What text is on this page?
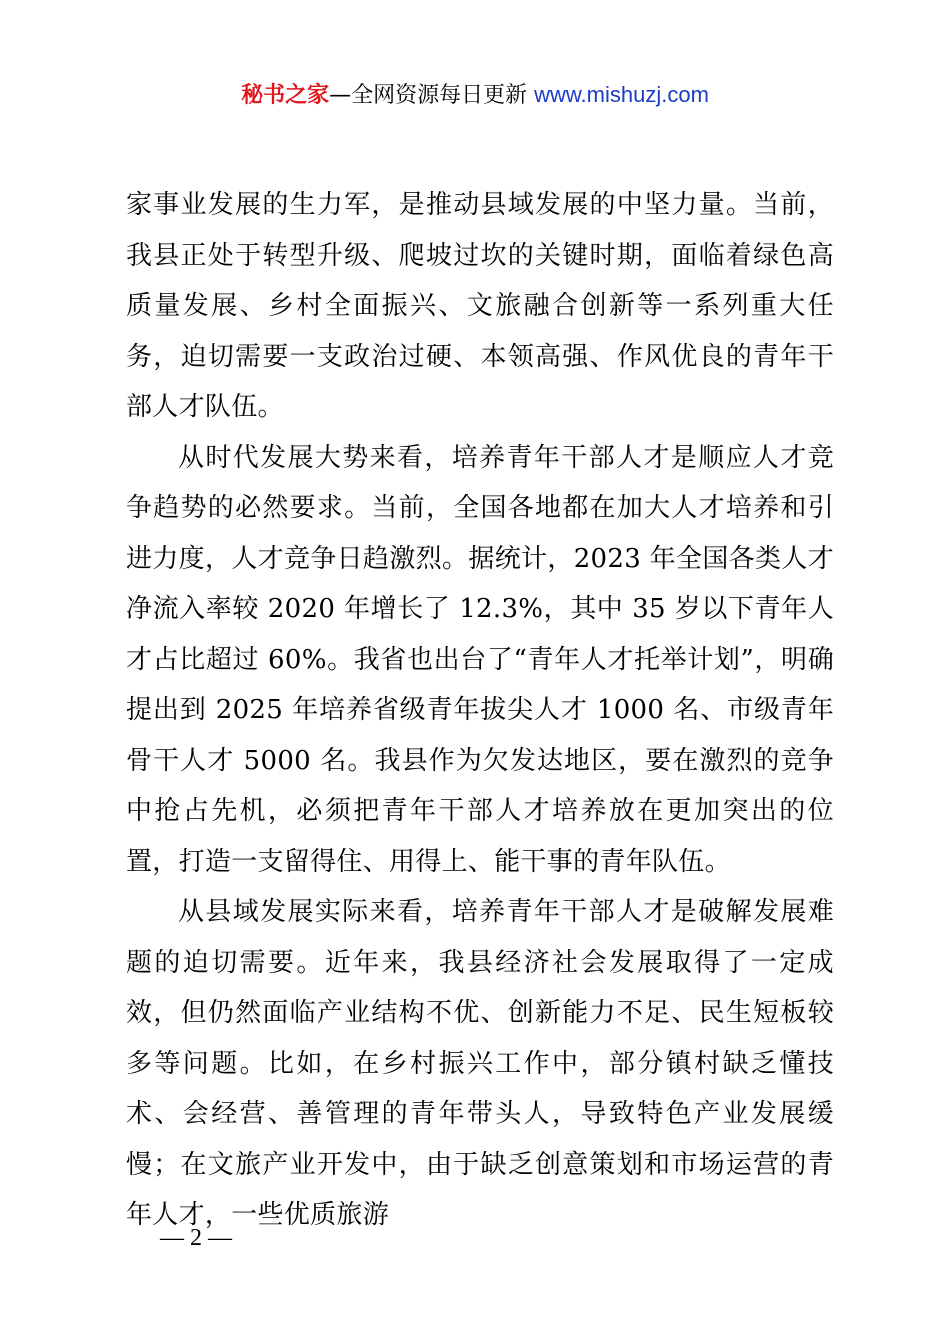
秘书之家—全网资源每日更新 www.mishuzj.com

家事业发展的生力军，是推动县域发展的中坚力量。当前，我县正处于转型升级、爬坡过坎的关键时期，面临着绿色高质量发展、乡村全面振兴、文旅融合创新等一系列重大任务，迫切需要一支政治过硬、本领高强、作风优良的青年干部人才队伍。

从时代发展大势来看，培养青年干部人才是顺应人才竞争趋势的必然要求。当前，全国各地都在加大人才培养和引进力度，人才竞争日趋激烈。据统计，2023 年全国各类人才净流入率较 2020 年增长了 12.3%，其中 35 岁以下青年人才占比超过 60%。我省也出台了“青年人才托举计划”，明确提出到 2025 年培养省级青年拔尖人才 1000 名、市级青年骨干人才 5000 名。我县作为欠发达地区，要在激烈的竞争中抢占先机，必须把青年干部人才培养放在更加突出的位置，打造一支留得住、用得上、能干事的青年队伍。

从县域发展实际来看，培养青年干部人才是破解发展难题的迫切需要。近年来，我县经济社会发展取得了一定成效，但仍然面临产业结构不优、创新能力不足、民生短板较多等问题。比如，在乡村振兴工作中，部分镇村缺乏懂技术、会经营、善管理的青年带头人，导致特色产业发展缓慢；在文旅产业开发中，由于缺乏创意策划和市场运营的青年人才，一些优质旅游

— 2 —
